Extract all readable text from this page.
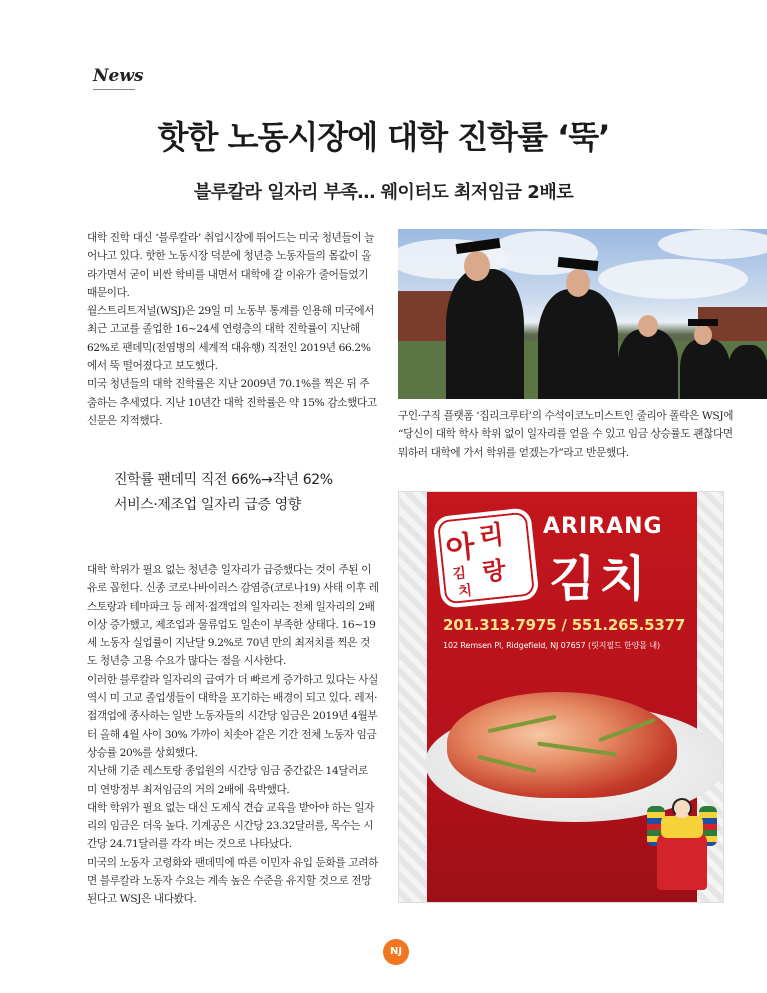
News
핫한 노동시장에 대학 진학률 ‘뚝’
블루칼라 일자리 부족… 웨이터도 최저임금 2배로

대학 진학 대신 ‘블루칼라’ 취업시장에 뛰어드는 미국 청년들이 늘어나고 있다. 핫한 노동시장 덕분에 청년층 노동자들의 몸값이 올라가면서 굳이 비싼 학비를 내면서 대학에 갈 이유가 줄어들었기 때문이다.

월스트리트저널(WSJ)은 29일 미 노동부 통계를 인용해 미국에서 최근 고교를 졸업한 16~24세 연령층의 대학 진학률이 지난해 62%로 팬데믹(전염병의 세계적 대유행) 직전인 2019년 66.2%에서 뚝 떨어졌다고 보도했다.

미국 청년들의 대학 진학률은 지난 2009년 70.1%를 찍은 뒤 주춤하는 추세였다. 지난 10년간 대학 진학률은 약 15% 감소했다고 신문은 지적했다.

진학률 팬데믹 직전 66%→작년 62%
서비스·제조업 일자리 급증 영향

대학 학위가 필요 없는 청년층 일자리가 급증했다는 것이 주된 이유로 꼽힌다. 신종 코로나바이러스 감염증(코로나19) 사태 이후 레스토랑과 테마파크 등 레저·접객업의 일자리는 전체 일자리의 2배 이상 증가했고, 제조업과 물류업도 일손이 부족한 상태다. 16~19세 노동자 실업률이 지난달 9.2%로 70년 만의 최저치를 찍은 것도 청년층 고용 수요가 많다는 점을 시사한다.

이러한 블루칼라 일자리의 급여가 더 빠르게 증가하고 있다는 사실 역시 미 고교 졸업생들이 대학을 포기하는 배경이 되고 있다. 레저·접객업에 종사하는 일반 노동자들의 시간당 임금은 2019년 4월부터 올해 4월 사이 30% 가까이 치솟아 같은 기간 전체 노동자 임금 상승률 20%를 상회했다.

지난해 기준 레스토랑 종업원의 시간당 임금 중간값은 14달러로 미 연방정부 최저임금의 거의 2배에 육박했다.

대학 학위가 필요 없는 대신 도제식 견습 교육을 받아야 하는 일자리의 임금은 더욱 높다. 기계공은 시간당 23.32달러를, 목수는 시간당 24.71달러를 각각 버는 것으로 나타났다.

미국의 노동자 고령화와 팬데믹에 따른 이민자 유입 둔화를 고려하면 블루칼라 노동자 수요는 계속 높은 수준을 유지할 것으로 전망된다고 WSJ은 내다봤다.

구인·구직 플랫폼 ‘집리크루터’의 수석이코노미스트인 줄리아 폴락은 WSJ에 “당신이 대학 학사 학위 없이 일자리를 얻을 수 있고 임금 상승률도 괜찮다면 뭐하러 대학에 가서 학위를 얻겠는가”라고 반문했다.
아 리
랑
김
치
ARIRANG
김치
201.313.7975 / 551.265.5377
102 Remsen Pl, Ridgefield, NJ 07657 (릿지필드 한양몰 내)
NJ
